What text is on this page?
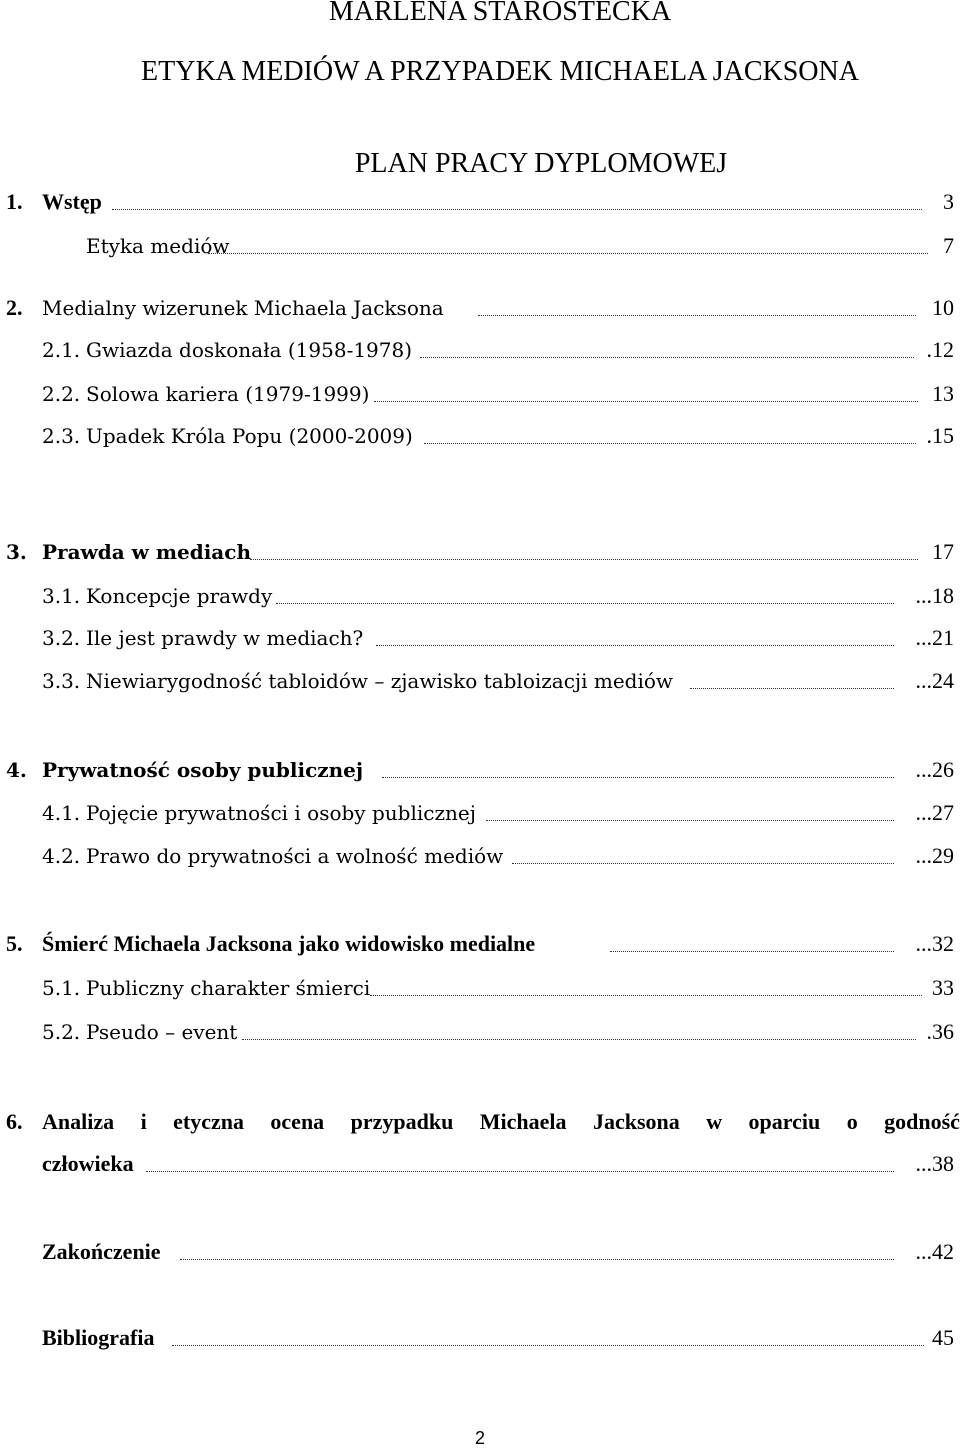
MARLENA STAROSTECKA
ETYKA MEDIÓW A PRZYPADEK MICHAELA JACKSONA
PLAN PRACY DYPLOMOWEJ
1. Wstęp	3
Etyka mediów	7
2. Medialny wizerunek Michaela Jacksona	10
2.1. Gwiazda doskonała (1958-1978)	.12
2.2. Solowa kariera (1979-1999)	13
2.3. Upadek Króla Popu (2000-2009)	.15
3. Prawda w mediach	17
3.1. Koncepcje prawdy	...18
3.2. Ile jest prawdy w mediach?	...21
3.3. Niewiarygodność tabloidów – zjawisko tabloizacji mediów	...24
4. Prywatność osoby publicznej	...26
4.1. Pojęcie prywatności i osoby publicznej	...27
4.2. Prawo do prywatności a wolność mediów	...29
5. Śmierć Michaela Jacksona jako widowisko medialne	...32
5.1. Publiczny charakter śmierci	33
5.2. Pseudo – event	.36
6. Analiza i etyczna ocena przypadku Michaela Jacksona w oparciu o godność
człowieka	...38
Zakończenie	...42
Bibliografia	45
2
